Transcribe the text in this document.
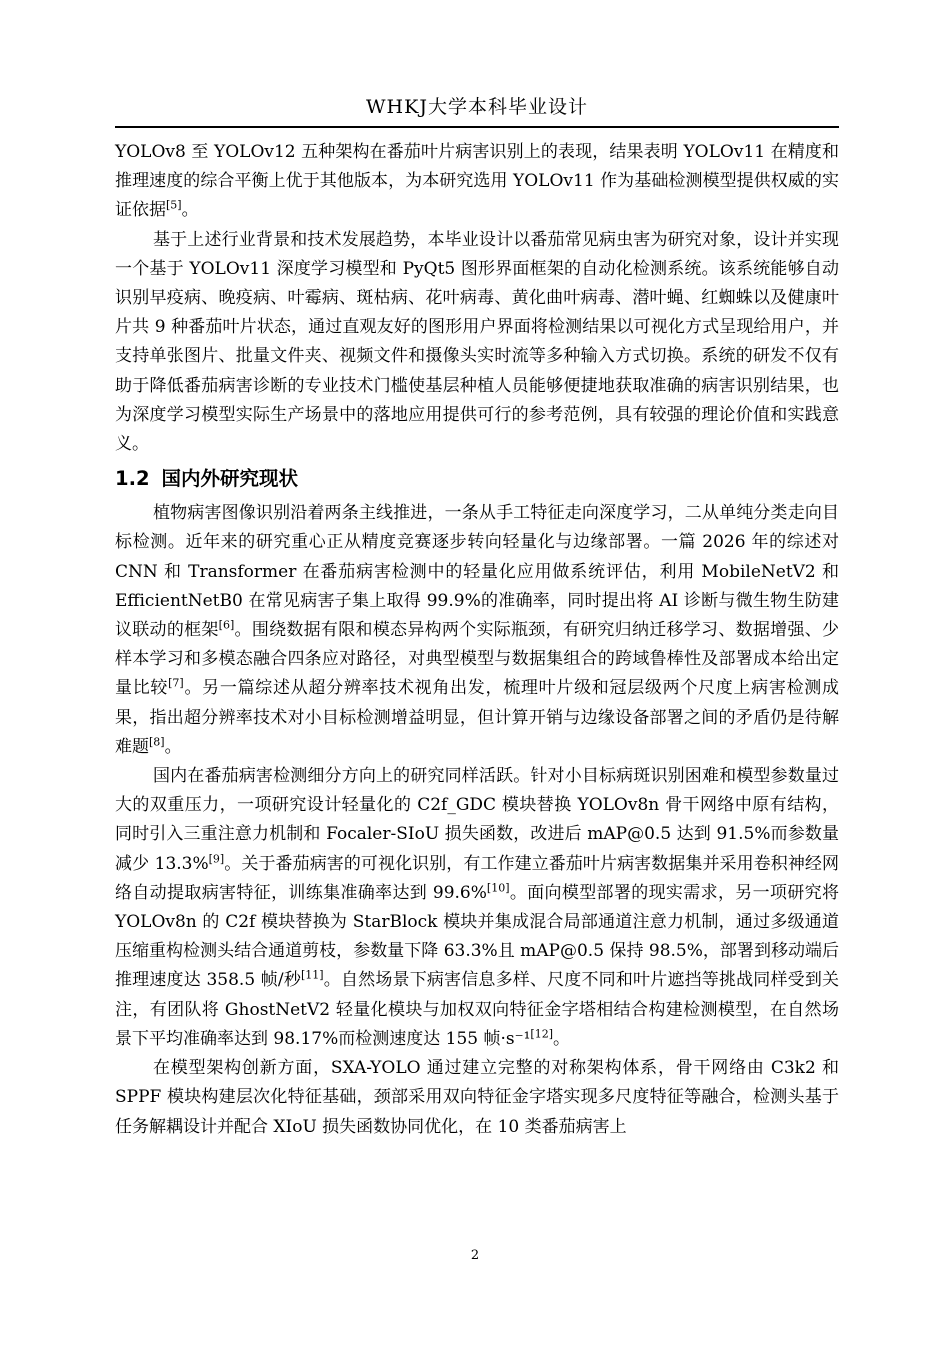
WHKJ大学本科毕业设计

YOLOv8 至 YOLOv12 五种架构在番茄叶片病害识别上的表现，结果表明 YOLOv11 在精度和推理速度的综合平衡上优于其他版本，为本研究选用 YOLOv11 作为基础检测模型提供权威的实证依据[5]。

基于上述行业背景和技术发展趋势，本毕业设计以番茄常见病虫害为研究对象，设计并实现一个基于 YOLOv11 深度学习模型和 PyQt5 图形界面框架的自动化检测系统。该系统能够自动识别早疫病、晚疫病、叶霉病、斑枯病、花叶病毒、黄化曲叶病毒、潜叶蝇、红蜘蛛以及健康叶片共 9 种番茄叶片状态，通过直观友好的图形用户界面将检测结果以可视化方式呈现给用户，并支持单张图片、批量文件夹、视频文件和摄像头实时流等多种输入方式切换。系统的研发不仅有助于降低番茄病害诊断的专业技术门槛使基层种植人员能够便捷地获取准确的病害识别结果，也为深度学习模型实际生产场景中的落地应用提供可行的参考范例，具有较强的理论价值和实践意义。

1.2 国内外研究现状

植物病害图像识别沿着两条主线推进，一条从手工特征走向深度学习，二从单纯分类走向目标检测。近年来的研究重心正从精度竞赛逐步转向轻量化与边缘部署。一篇 2026 年的综述对 CNN 和 Transformer 在番茄病害检测中的轻量化应用做系统评估，利用 MobileNetV2 和 EfficientNetB0 在常见病害子集上取得 99.9%的准确率，同时提出将 AI 诊断与微生物生防建议联动的框架[6]。围绕数据有限和模态异构两个实际瓶颈，有研究归纳迁移学习、数据增强、少样本学习和多模态融合四条应对路径，对典型模型与数据集组合的跨域鲁棒性及部署成本给出定量比较[7]。另一篇综述从超分辨率技术视角出发，梳理叶片级和冠层级两个尺度上病害检测成果，指出超分辨率技术对小目标检测增益明显，但计算开销与边缘设备部署之间的矛盾仍是待解难题[8]。

国内在番茄病害检测细分方向上的研究同样活跃。针对小目标病斑识别困难和模型参数量过大的双重压力，一项研究设计轻量化的 C2f_GDC 模块替换 YOLOv8n 骨干网络中原有结构，同时引入三重注意力机制和 Focaler-SIoU 损失函数，改进后 mAP@0.5 达到 91.5%而参数量减少 13.3%[9]。关于番茄病害的可视化识别，有工作建立番茄叶片病害数据集并采用卷积神经网络自动提取病害特征，训练集准确率达到 99.6%[10]。面向模型部署的现实需求，另一项研究将 YOLOv8n 的 C2f 模块替换为 StarBlock 模块并集成混合局部通道注意力机制，通过多级通道压缩重构检测头结合通道剪枝，参数量下降 63.3%且 mAP@0.5 保持 98.5%，部署到移动端后推理速度达 358.5 帧/秒[11]。自然场景下病害信息多样、尺度不同和叶片遮挡等挑战同样受到关注，有团队将 GhostNetV2 轻量化模块与加权双向特征金字塔相结合构建检测模型，在自然场景下平均准确率达到 98.17%而检测速度达 155 帧·s⁻¹[12]。

在模型架构创新方面，SXA-YOLO 通过建立完整的对称架构体系，骨干网络由 C3k2 和 SPPF 模块构建层次化特征基础，颈部采用双向特征金字塔实现多尺度特征等融合，检测头基于任务解耦设计并配合 XIoU 损失函数协同优化，在 10 类番茄病害上

2
